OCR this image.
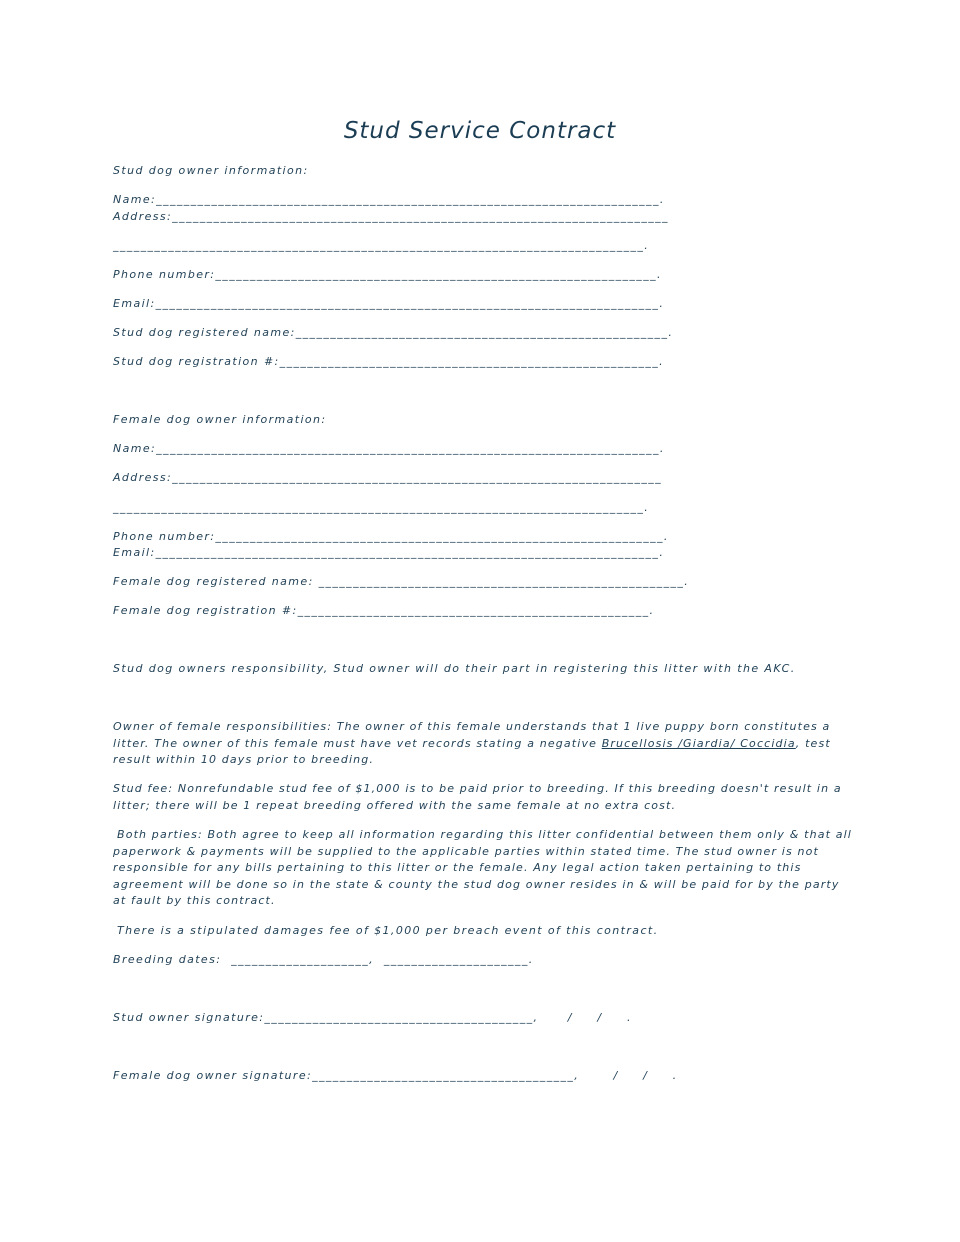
Stud Service Contract
Stud dog owner information:
Name:_________________________________________________________________________.
Address:________________________________________________________________________
_____________________________________________________________________________.
Phone number:________________________________________________________________.
Email:_________________________________________________________________________.
Stud dog registered name:______________________________________________________.
Stud dog registration #:_______________________________________________________.
Female dog owner information:
Name:_________________________________________________________________________.
Address:_______________________________________________________________________
_____________________________________________________________________________.
Phone number:_________________________________________________________________.
Email:_________________________________________________________________________.
Female dog registered name: _____________________________________________________.
Female dog registration #:___________________________________________________.
Stud dog owners responsibility, Stud owner will do their part in registering this litter with the AKC.
Owner of female responsibilities: The owner of this female understands that 1 live puppy born constitutes a litter. The owner of this female must have vet records stating a negative Brucellosis /Giardia/ Coccidia, test result within 10 days prior to breeding.
Stud fee: Nonrefundable stud fee of $1,000 is to be paid prior to breeding. If this breeding doesn't result in a litter; there will be 1 repeat breeding offered with the same female at no extra cost.
Both parties: Both agree to keep all information regarding this litter confidential between them only & that all paperwork & payments will be supplied to the applicable parties within stated time. The stud owner is not responsible for any bills pertaining to this litter or the female. Any legal action taken pertaining to this agreement will be done so in the state & county the stud dog owner resides in & will be paid for by the party at fault by this contract.
There is a stipulated damages fee of $1,000 per breach event of this contract.
Breeding dates:  ____________________,  _____________________.
Stud owner signature:_______________________________________,      /     /     .
Female dog owner signature:______________________________________,       /     /     .
